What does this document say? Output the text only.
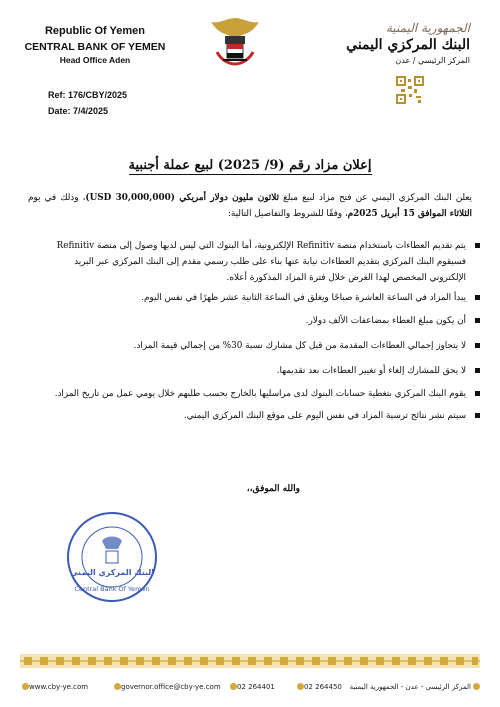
Republic Of Yemen
CENTRAL BANK OF YEMEN
Head Office Aden
Ref: 176/CBY/2025
Date: 7/4/2025
الجمهورية اليمنية
البنك المركزي اليمني
المركز الرئيسي / عدن
إعلان مزاد رقم (9/ 2025) لبيع عملة أجنبية
يعلن البنك المركزي اليمني عن فتح مزاد لبيع مبلغ ثلاثون مليون دولار أمريكي (30,000,000 USD)، وذلك في يوم الثلاثاء الموافق 15 أبريل 2025م، وفقًا للشروط والتفاصيل التالية:
يتم تقديم العطاءات باستخدام منصة Refinitiv الإلكترونية، أما البنوك التي ليس لديها وصول إلى منصة Refinitiv فسيقوم البنك المركزي بتقديم العطاءات نيابة عنها بناء على طلب رسمي مقدم إلى البنك المركزي عبر البريد الإلكتروني المخصص لهذا الغرض خلال فترة المزاد المذكورة أعلاه.
يبدأ المزاد في الساعة العاشرة صباحًا ويغلق في الساعة الثانية عشر ظهرًا في نفس اليوم.
أن يكون مبلغ العطاء بمضاعفات الألف دولار.
لا يتجاوز إجمالي العطاءات المقدمة من قبل كل مشارك نسبة 30% من إجمالي قيمة المزاد.
لا يحق للمشارك إلغاء أو تغيير العطاءات بعد تقديمها.
يقوم البنك المركزي بتغطية حسابات البنوك لدى مراسليها بالخارج بحسب طلبهم خلال يومي عمل من تاريخ المزاد.
سيتم نشر نتائج ترسية المزاد في نفس اليوم على موقع البنك المركزي اليمني.
والله الموفق،،
البنك المركزي اليمني
Central Bank Of Yemen
www.cby-ye.com	governor.office@cby-ye.com	02 264401	02 264450 المركز الرئيسي - عدن - الجمهورية اليمنية
